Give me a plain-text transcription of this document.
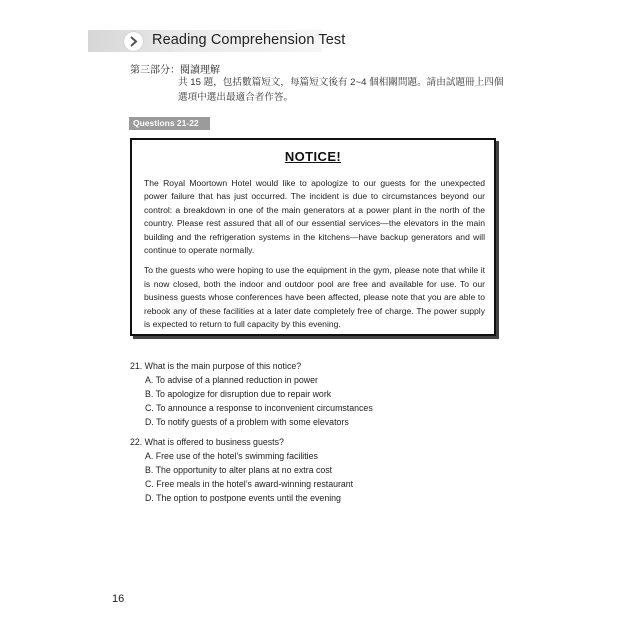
Reading Comprehension Test
第三部分：閱讀理解
共 15 題，包括數篇短文，每篇短文後有 2~4 個相關問題。請由試題冊上四個選項中選出最適合者作答。
Questions 21-22
NOTICE!

The Royal Moortown Hotel would like to apologize to our guests for the unexpected power failure that has just occurred. The incident is due to circumstances beyond our control: a breakdown in one of the main generators at a power plant in the north of the country. Please rest assured that all of our essential services—the elevators in the main building and the refrigeration systems in the kitchens—have backup generators and will continue to operate normally.

To the guests who were hoping to use the equipment in the gym, please note that while it is now closed, both the indoor and outdoor pool are free and available for use. To our business guests whose conferences have been affected, please note that you are able to rebook any of these facilities at a later date completely free of charge. The power supply is expected to return to full capacity by this evening.

21. What is the main purpose of this notice?
A. To advise of a planned reduction in power
B. To apologize for disruption due to repair work
C. To announce a response to inconvenient circumstances
D. To notify guests of a problem with some elevators
22. What is offered to business guests?
A. Free use of the hotel’s swimming facilities
B. The opportunity to alter plans at no extra cost
C. Free meals in the hotel’s award-winning restaurant
D. The option to postpone events until the evening
16
